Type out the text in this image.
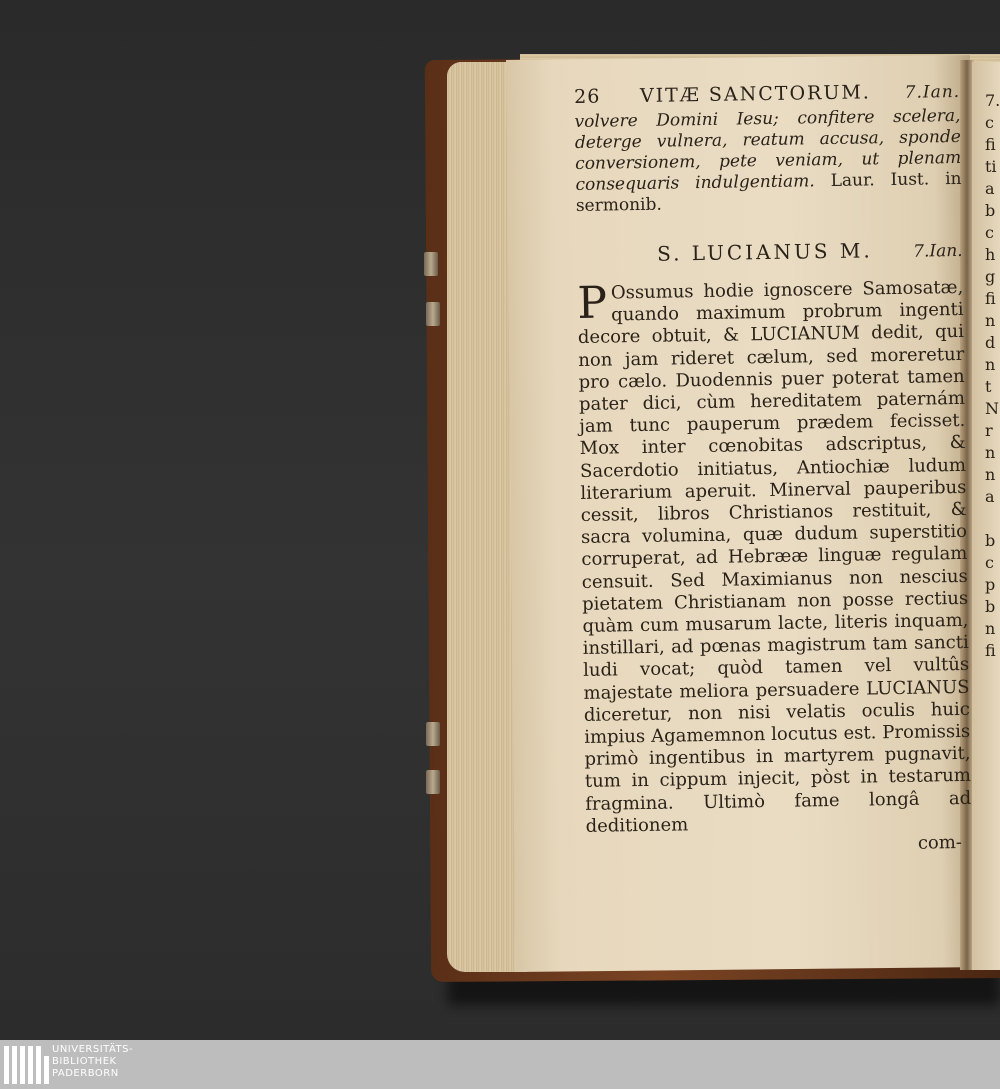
26	VITÆ SANCTORUM.	7.Ian.
volvere Domini Iesu; confitere scelera, deterge vulnera, reatum accusa, sponde conversionem, pete veniam, ut plenam consequaris indulgentiam. Laur. Iust. in sermonib.
S. LUCIANUS M.	7.Ian.
P Ossumus hodie ignoscere Samosatæ, quando maximum probrum ingenti decore obtuit, & LUCIANUM dedit, qui non jam rideret cælum, sed moreretur pro cælo. Duodennis puer poterat tamen pater dici, cùm hereditatem paternám jam tunc pauperum prædem fecisset. Mox inter cœnobitas adscriptus, & Sacerdotio initiatus, Antiochiæ ludum literarium aperuit. Minerval pauperibus cessit, libros Christianos restituit, & sacra volumina, quæ dudum superstitio corruperat, ad Hebrææ linguæ regulam censuit. Sed Maximianus non nescius pietatem Christianam non posse rectius quàm cum musarum lacte, literis inquam, instillari, ad pœnas magistrum tam sancti ludi vocat; quòd tamen vel vultûs majestate meliora persuadere LUCIANUS diceretur, non nisi velatis oculis huic impius Agamemnon locutus est. Promissis primò ingentibus in martyrem pugnavit, tum in cippum injecit, pòst in testarum fragmina. Ultimò fame longâ ad deditionem
com-
7.
c
fi
ti
a
b
c
h
g
fi
n
d
n
t
N
r
n
n
a
b
c
p
b
n
fi
UNIVERSITÄTS-
BIBLIOTHEK
PADERBORN
